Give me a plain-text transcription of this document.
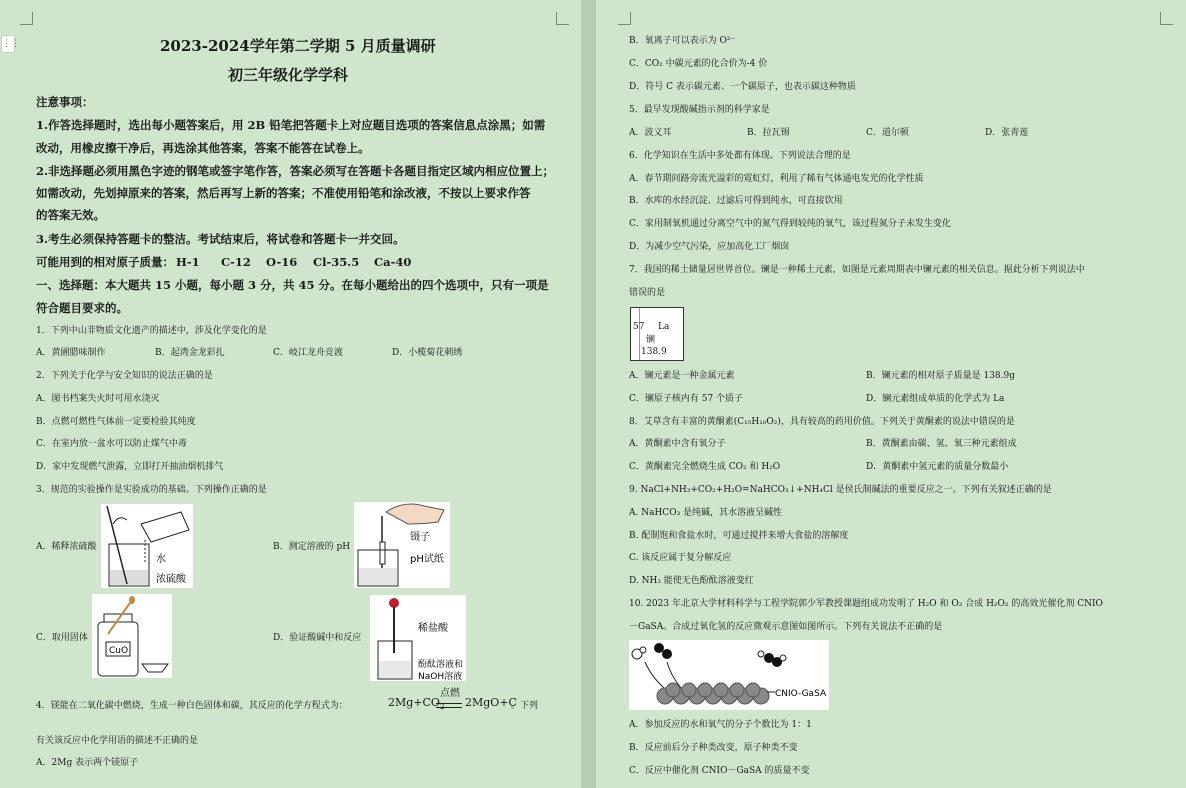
2023-2024学年第二学期 5 月质量调研
初三年级化学学科
注意事项：
1.作答选择题时，选出每小题答案后，用 2B 铅笔把答题卡上对应题目选项的答案信息点涂黑；如需
改动，用橡皮擦干净后，再选涂其他答案，答案不能答在试卷上。
2.非选择题必须用黑色字迹的钢笔或签字笔作答，答案必须写在答题卡各题目指定区域内相应位置上；
如需改动，先划掉原来的答案，然后再写上新的答案；不准使用铅笔和涂改液，不按以上要求作答
的答案无效。
3.考生必须保持答题卡的整洁。考试结束后，将试卷和答题卡一并交回。
可能用到的相对原子质量： H-1 C-12 O-16 Cl-35.5 Ca-40
一、选择题：本大题共 15 小题，每小题 3 分，共 45 分。在每小题给出的四个选项中，只有一项是
符合题目要求的。
1．下列中山非物质文化遗产的描述中，涉及化学变化的是
A．黄圃腊味制作	B．起湾金龙彩扎	C．岐江龙舟竞渡	D．小榄菊花刺绣
2．下列关于化学与安全知识的说法正确的是
A．图书档案失火时可用水浇灭
B．点燃可燃性气体前一定要检验其纯度
C．在室内放一盆水可以防止煤气中毒
D．家中发现燃气泄露，立即打开抽油烟机排气
3．规范的实验操作是实验成功的基础。下列操作正确的是
A．稀释浓硫酸
水
浓硫酸
B．测定溶液的 pH
镊子
pH试纸
C．取用固体
CuO
D．验证酸碱中和反应
稀盐酸
酚酞溶液和
NaOH溶液
4．镁能在二氧化碳中燃烧，生成一种白色固体和碳，其反应的化学方程式为：
点燃
$2Mg+CO_2$ 2MgO+C
。下列
有关该反应中化学用语的描述不正确的是
A．2Mg 表示两个镁原子
⋮⋮	B．氧离子可以表示为 O²⁻
C．CO₂ 中碳元素的化合价为-4 价
D．符号 C 表示碳元素、一个碳原子，也表示碳这种物质
5．最早发现酸碱指示剂的科学家是
A．波义耳	B．拉瓦锡	C．道尔顿	D．张青莲
6．化学知识在生活中多处都有体现。下列说法合理的是
A．春节期间路旁流光溢彩的霓虹灯，利用了稀有气体通电发光的化学性质
B．水库的水经沉淀、过滤后可得到纯水，可直接饮用
C．家用制氧机通过分离空气中的氮气得到较纯的氧气，该过程氮分子未发生变化
D．为减少空气污染，应加高化工厂烟囱
7．我国的稀土储量居世界首位。镧是一种稀土元素，如图是元素周期表中镧元素的相关信息。据此分析下列说法中
错误的是
57 La
镧
138.9
A．镧元素是一种金属元素	B．镧元素的相对原子质量是 138.9g
C．镧原子核内有 57 个质子	D．镧元素组成单质的化学式为 La
8．艾草含有丰富的黄酮素(C₁₅H₁₀O₂)，具有较高的药用价值。下列关于黄酮素的说法中错误的是
A．黄酮素中含有氧分子	B．黄酮素由碳、氢、氧三种元素组成
C．黄酮素完全燃烧生成 CO₂ 和 H₂O	D．黄酮素中氢元素的质量分数最小
9. NaCl+NH₃+CO₂+H₂O=NaHCO₃↓+NH₄Cl 是侯氏制碱法的重要反应之一。下列有关叙述正确的是
A. NaHCO₃ 是纯碱，其水溶液呈碱性
B. 配制饱和食盐水时，可通过搅拌来增大食盐的溶解度
C. 该反应属于复分解反应
D. NH₃ 能使无色酚酞溶液变红
10. 2023 年北京大学材料科学与工程学院郭少军教授课题组成功发明了 H₂O 和 O₂ 合成 H₂O₂ 的高效光催化剂 CNIO
－GaSA。合成过氧化氢的反应微观示意图如图所示。下列有关说法不正确的是
CNIO-GaSA
A．参加反应的水和氧气的分子个数比为 1：1
B．反应前后分子种类改变，原子种类不变
C．反应中催化剂 CNIO－GaSA 的质量不变
